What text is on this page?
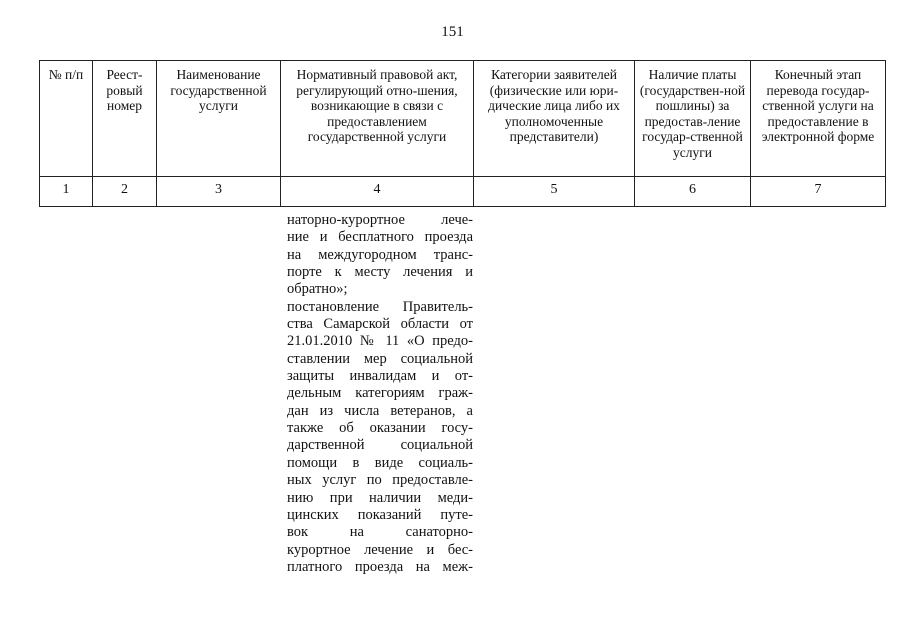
151
№ п/п	Реест-ровый номер	Наименование государственной услуги	Нормативный правовой акт, регулирующий отно-шения, возникающие в связи с предоставлением государственной услуги	Категории заявителей (физические или юри-дические лица либо их уполномоченные представители)	Наличие платы (государствен-ной пошлины) за предостав-ление государ-ственной услуги	Конечный этап перевода государ-ственной услуги на предоставление в электронной форме
1	2	3	4	5	6	7

наторно-курортное лече-

ние и бесплатного проезда

на междугородном транс-

порте к месту лечения и

обратно»;

постановление Правитель-

ства Самарской области от

21.01.2010 № 11 «О предо-

ставлении мер социальной

защиты инвалидам и от-

дельным категориям граж-

дан из числа ветеранов, а

также об оказании госу-

дарственной социальной

помощи в виде социаль-

ных услуг по предоставле-

нию при наличии меди-

цинских показаний путе-

вок на санаторно-

курортное лечение и бес-

платного проезда на меж-
